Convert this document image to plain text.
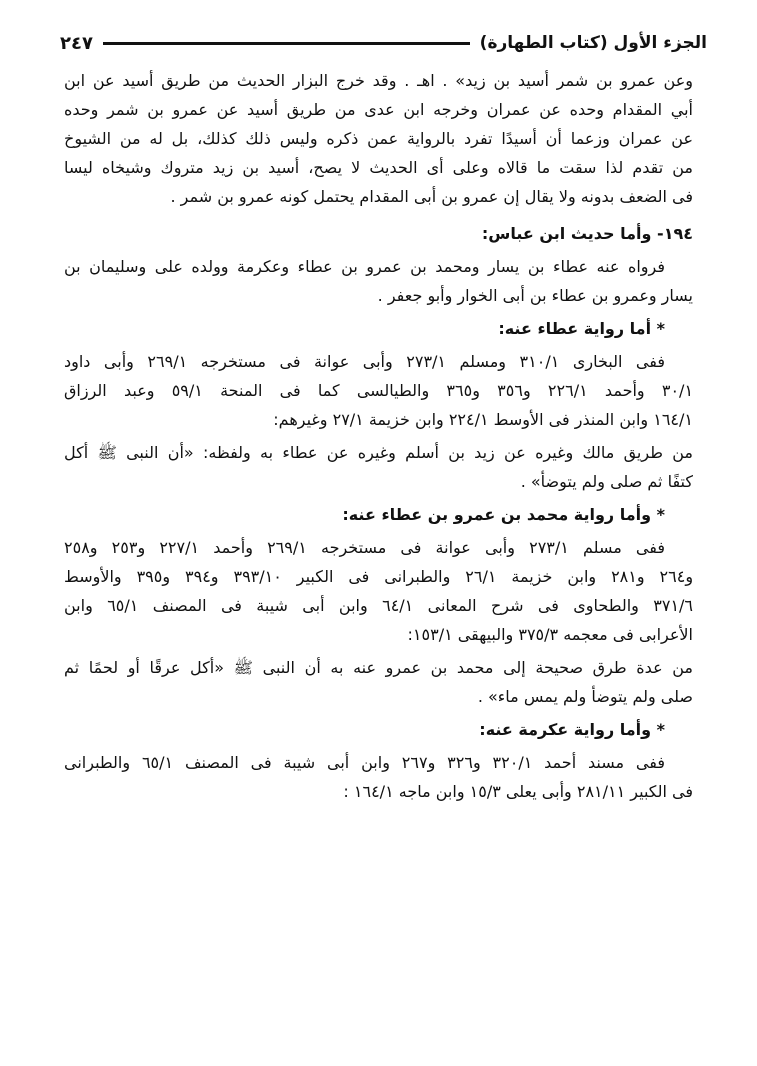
الجزء الأول (كتاب الطهارة)
٢٤٧
وعن عمرو بن شمر أسيد بن زيد» . اهـ . وقد خرج البزار الحديث من طريق أسيد عن ابن
أبي المقدام وحده عن عمران وخرجه ابن عدى من طريق أسيد عن عمرو بن شمر وحده
عن عمران وزعما أن أسيدًا تفرد بالرواية عمن ذكره وليس ذلك كذلك، بل له من الشيوخ
من تقدم لذا سقت ما قالاه وعلى أى الحديث لا يصح، أسيد بن زيد متروك وشيخاه ليسا
فى الضعف بدونه ولا يقال إن عمرو بن أبى المقدام يحتمل كونه عمرو بن شمر .
١٩٤- وأما حديث ابن عباس:
فرواه عنه عطاء بن يسار ومحمد بن عمرو بن عطاء وعكرمة وولده على وسليمان بن
يسار وعمرو بن عطاء بن أبى الخوار وأبو جعفر .
* أما رواية عطاء عنه:
ففى البخارى ٣١٠/١ ومسلم ٢٧٣/١ وأبى عوانة فى مستخرجه ٢٦٩/١ وأبى داود
٣٠/١ وأحمد ٢٢٦/١ و٣٥٦ و٣٦٥ والطيالسى كما فى المنحة ٥٩/١ وعبد الرزاق
١٦٤/١ وابن المنذر فى الأوسط ٢٢٤/١ وابن خزيمة ٢٧/١ وغيرهم:
من طريق مالك وغيره عن زيد بن أسلم وغيره عن عطاء به ولفظه: «أن النبى ﷺ أكل
كتفًا ثم صلى ولم يتوضأ» .
* وأما رواية محمد بن عمرو بن عطاء عنه:
ففى مسلم ٢٧٣/١ وأبى عوانة فى مستخرجه ٢٦٩/١ وأحمد ٢٢٧/١ و٢٥٣ و٢٥٨
و٢٦٤ و٢٨١ وابن خزيمة ٢٦/١ والطبرانى فى الكبير ٣٩٣/١٠ و٣٩٤ و٣٩٥ والأوسط
٣٧١/٦ والطحاوى فى شرح المعانى ٦٤/١ وابن أبى شيبة فى المصنف ٦٥/١ وابن
الأعرابى فى معجمه ٣٧٥/٣ والبيهقى ١٥٣/١:
من عدة طرق صحيحة إلى محمد بن عمرو عنه به أن النبى ﷺ «أكل عرقًا أو لحمًا ثم
صلى ولم يتوضأ ولم يمس ماء» .
* وأما رواية عكرمة عنه:
ففى مسند أحمد ٣٢٠/١ و٣٢٦ و٢٦٧ وابن أبى شيبة فى المصنف ٦٥/١ والطبرانى
فى الكبير ٢٨١/١١ وأبى يعلى ١٥/٣ وابن ماجه ١٦٤/١ :
